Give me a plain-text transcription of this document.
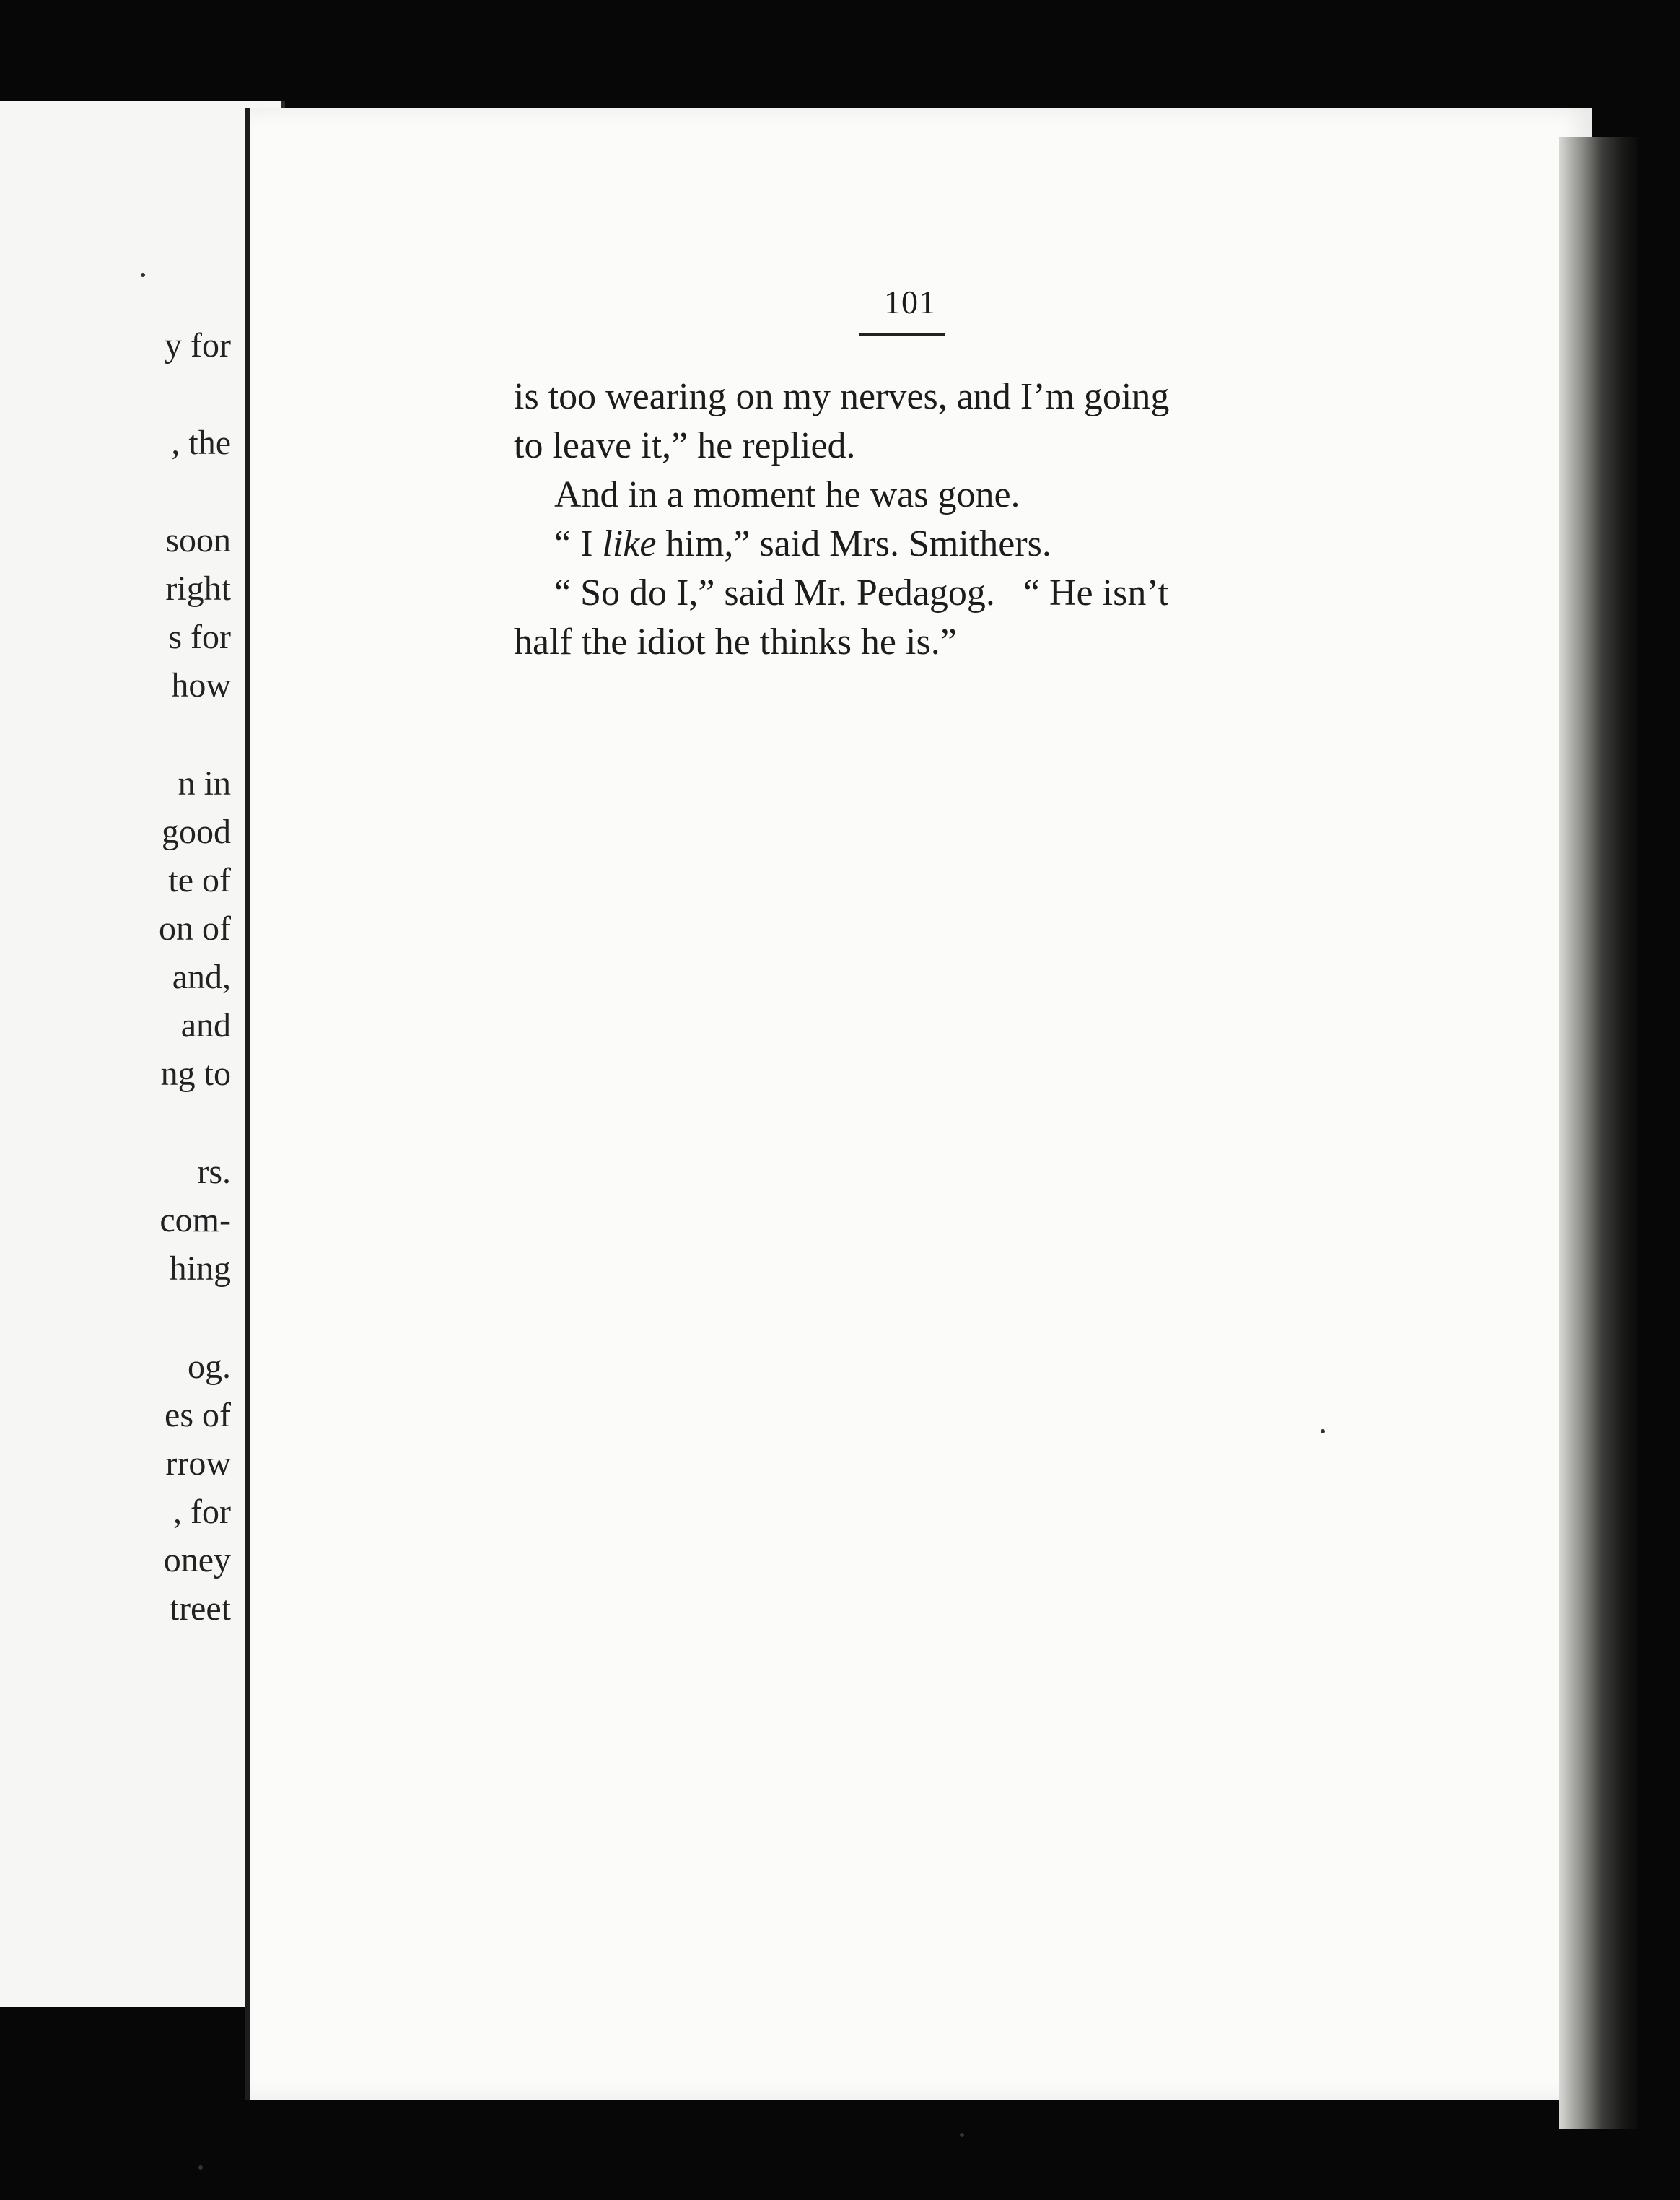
y for
, the
soon
right
s for
how
n in
good
te of
on of
and,
and
ng to
rs.
com-
hing
og.
es of
rrow
, for
oney
treet
101
is too wearing on my nerves, and I’m going
to leave it,” he replied.
And in a moment he was gone.
“ I like him,” said Mrs. Smithers.
“ So do I,” said Mr. Pedagog.   “ He isn’t
half the idiot he thinks he is.”
